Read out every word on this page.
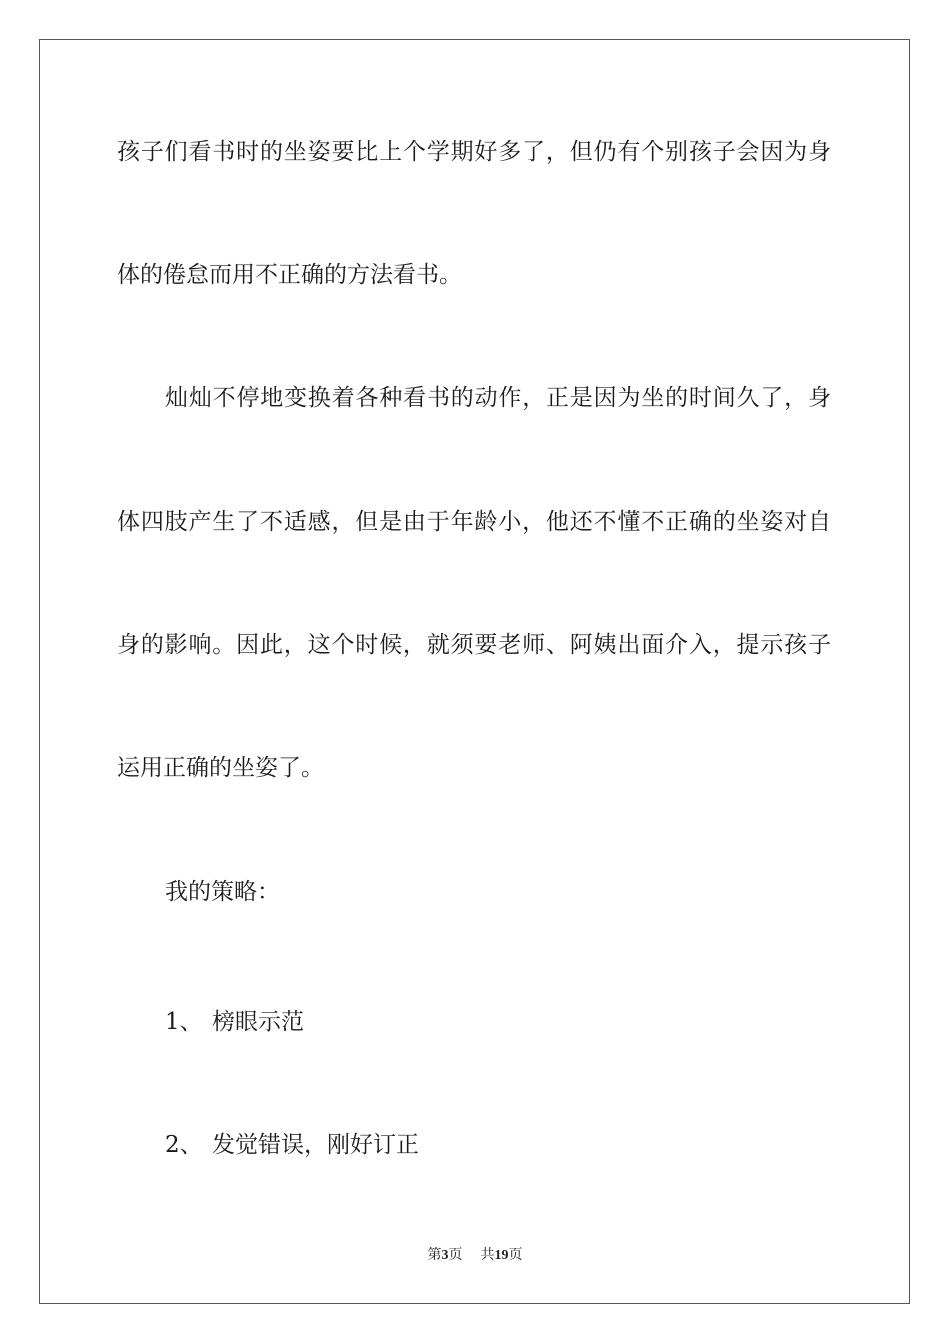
孩子们看书时的坐姿要比上个学期好多了，但仍有个别孩子会因为身
体的倦怠而用不正确的方法看书。
灿灿不停地变换着各种看书的动作，正是因为坐的时间久了，身
体四肢产生了不适感，但是由于年龄小，他还不懂不正确的坐姿对自
身的影响。因此，这个时候，就须要老师、阿姨出面介入，提示孩子
运用正确的坐姿了。
我的策略：
1、 榜眼示范
2、 发觉错误，刚好订正
第3页 共19页
